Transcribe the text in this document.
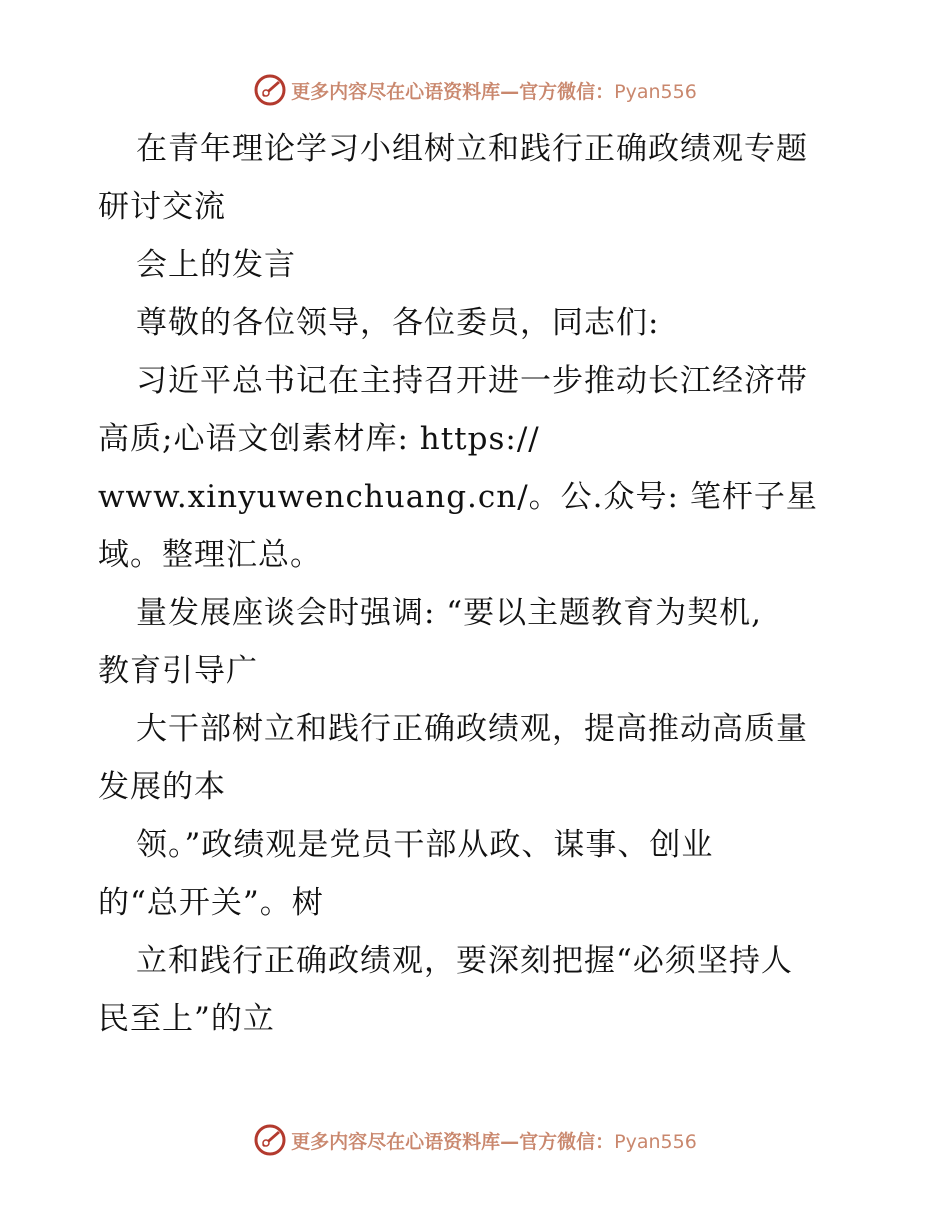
更多内容尽在心语资料库—官方微信：Pyan556
在青年理论学习小组树立和践行正确政绩观专题
研讨交流
会上的发言
尊敬的各位领导，各位委员，同志们:
习近平总书记在主持召开进一步推动长江经济带
高质;心语文创素材库: https://
www.xinyuwenchuang.cn/。公.众号: 笔杆子星
域。整理汇总。
量发展座谈会时强调: “要以主题教育为契机,
教育引导广
大干部树立和践行正确政绩观，提高推动高质量
发展的本
领。”政绩观是党员干部从政、谋事、创业
的“总开关”。树
立和践行正确政绩观，要深刻把握“必须坚持人
民至上”的立
更多内容尽在心语资料库—官方微信：Pyan556
